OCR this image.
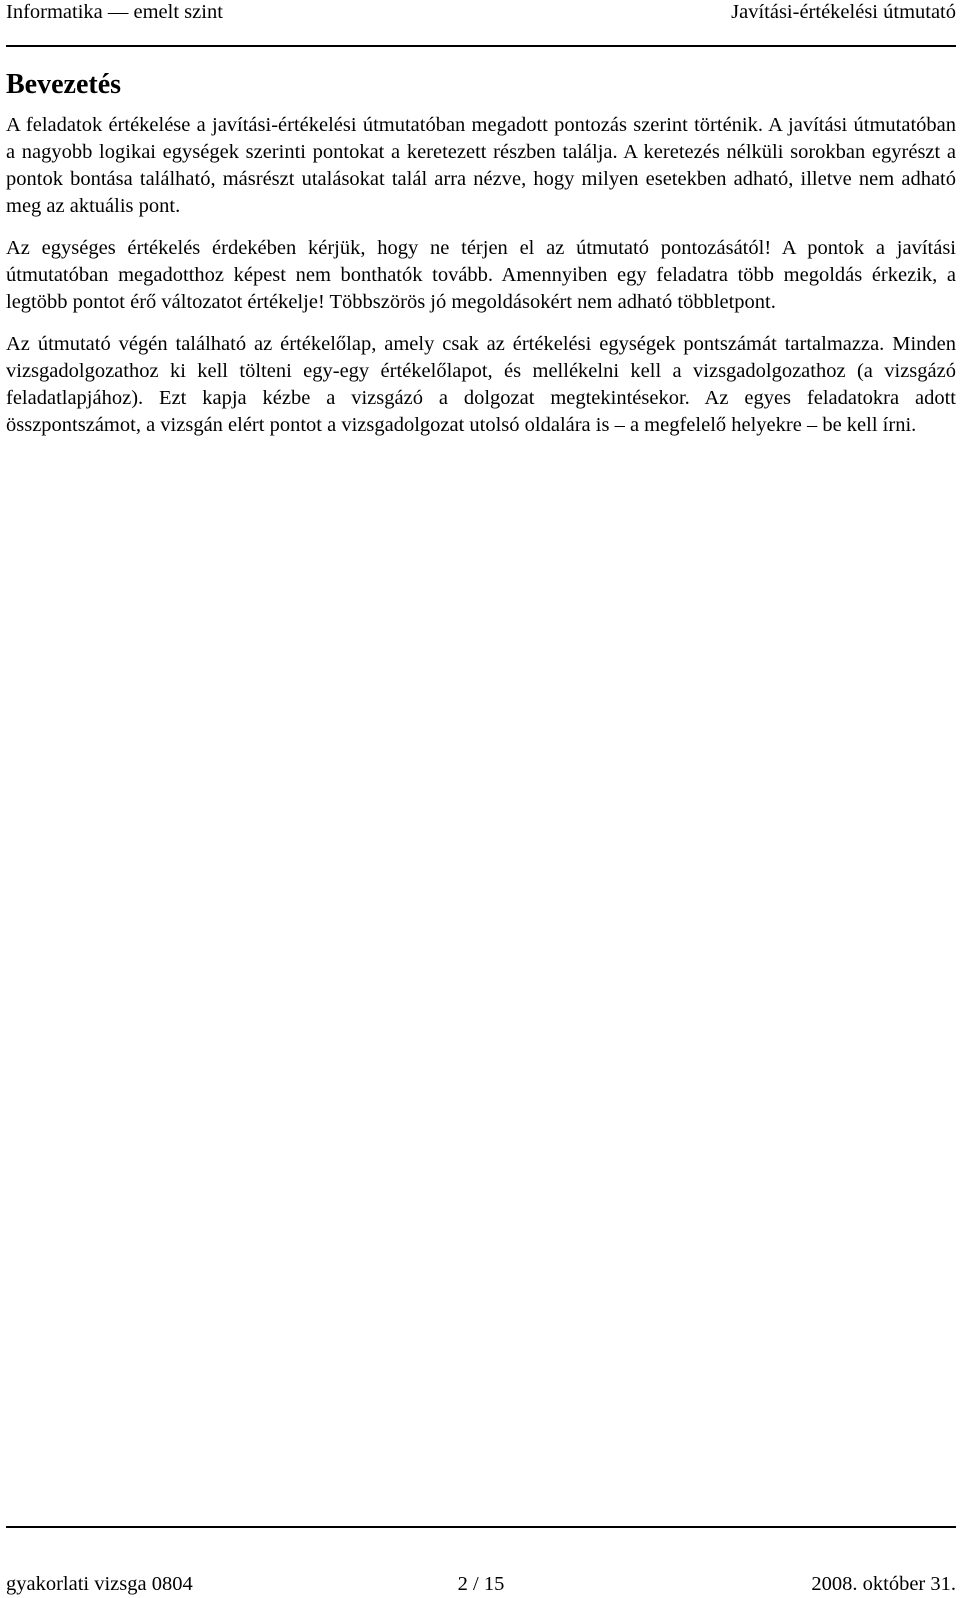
Informatika — emelt szint	Javítási-értékelési útmutató
Bevezetés

A feladatok értékelése a javítási-értékelési útmutatóban megadott pontozás szerint történik. A javítási útmutatóban a nagyobb logikai egységek szerinti pontokat a keretezett részben találja. A keretezés nélküli sorokban egyrészt a pontok bontása található, másrészt utalásokat talál arra nézve, hogy milyen esetekben adható, illetve nem adható meg az aktuális pont.

Az egységes értékelés érdekében kérjük, hogy ne térjen el az útmutató pontozásától! A pontok a javítási útmutatóban megadotthoz képest nem bonthatók tovább. Amennyiben egy feladatra több megoldás érkezik, a legtöbb pontot érő változatot értékelje! Többszörös jó megoldásokért nem adható többletpont.

Az útmutató végén található az értékelőlap, amely csak az értékelési egységek pontszámát tartalmazza. Minden vizsgadolgozathoz ki kell tölteni egy-egy értékelőlapot, és mellékelni kell a vizsgadolgozathoz (a vizsgázó feladatlapjához). Ezt kapja kézbe a vizsgázó a dolgozat megtekintésekor. Az egyes feladatokra adott összpontszámot, a vizsgán elért pontot a vizsgadolgozat utolsó oldalára is – a megfelelő helyekre – be kell írni.

gyakorlati vizsga 0804	2 / 15	2008. október 31.
